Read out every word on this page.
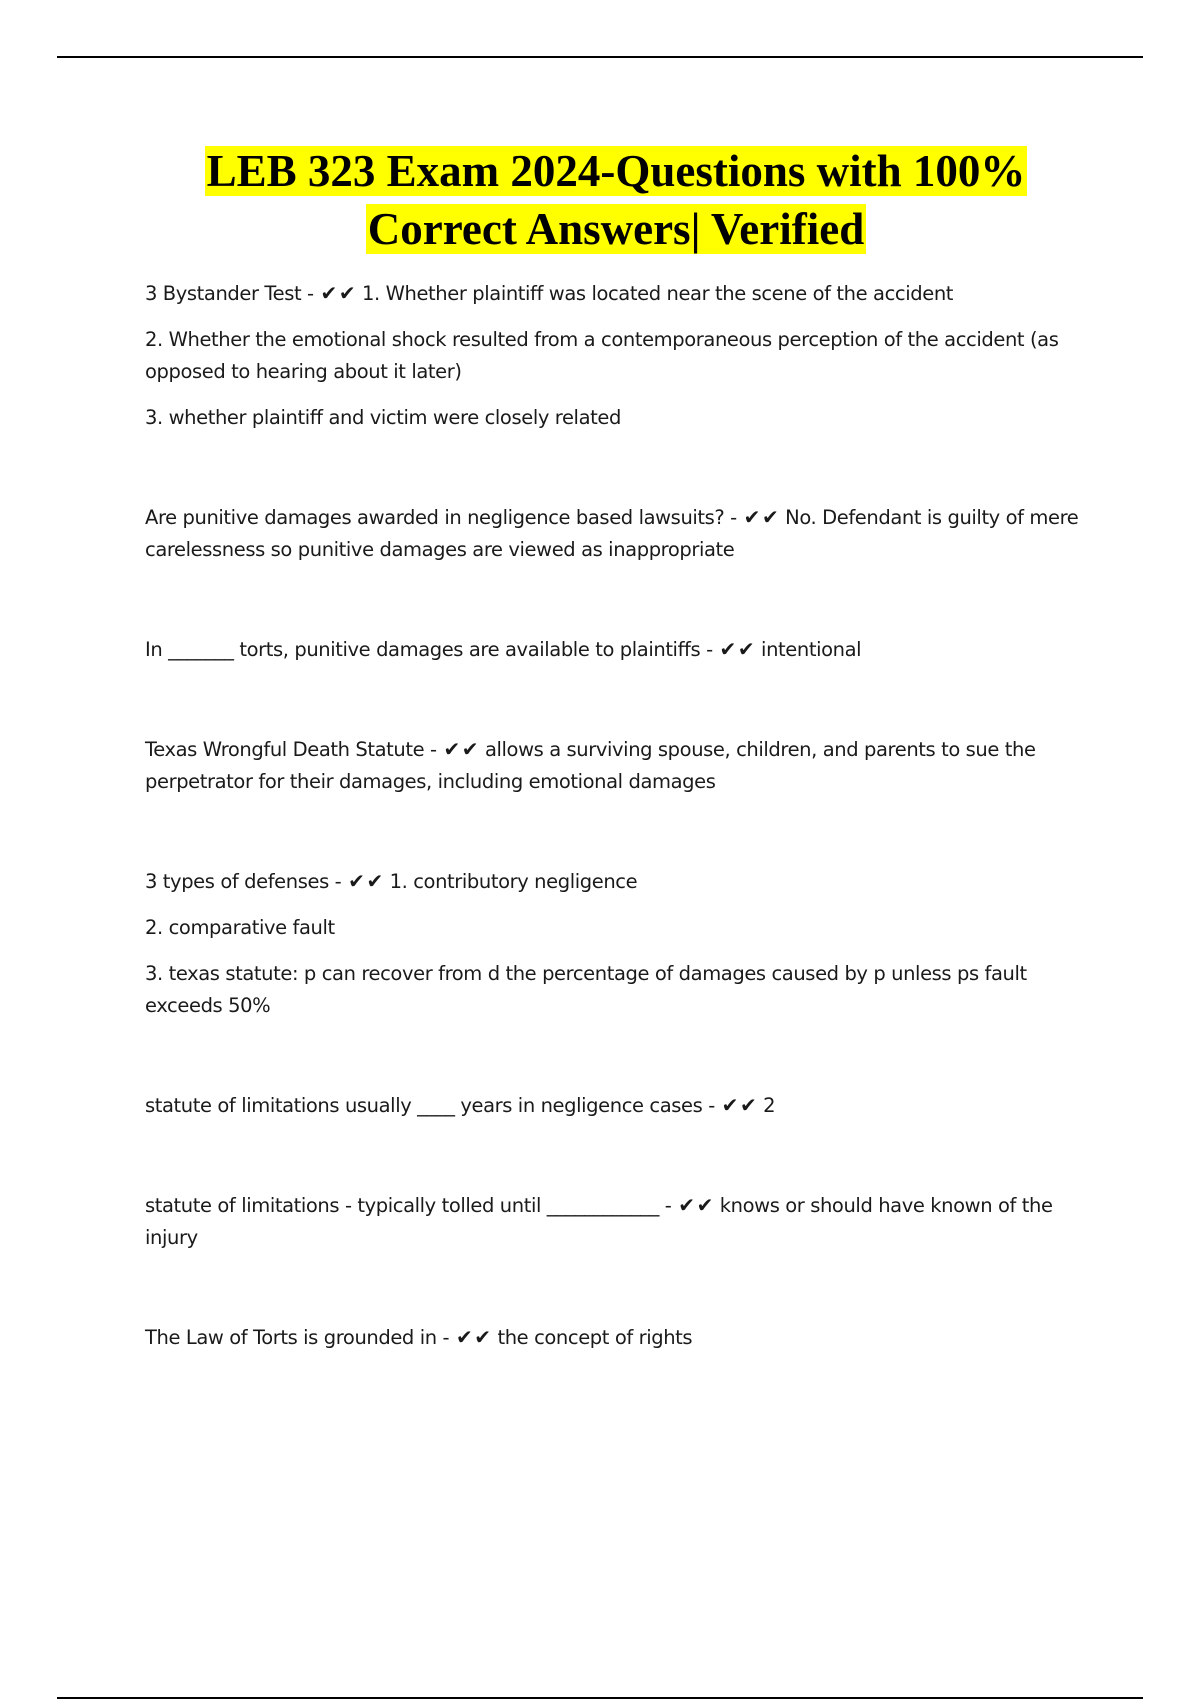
LEB 323 Exam 2024-Questions with 100%
Correct Answers| Verified

3 Bystander Test - ✔ ✔ 1. Whether plaintiff was located near the scene of the accident

2. Whether the emotional shock resulted from a contemporaneous perception of the accident (as opposed to hearing about it later)

3. whether plaintiff and victim were closely related

Are punitive damages awarded in negligence based lawsuits? - ✔ ✔ No. Defendant is guilty of mere carelessness so punitive damages are viewed as inappropriate

In _______ torts, punitive damages are available to plaintiffs - ✔ ✔ intentional

Texas Wrongful Death Statute - ✔ ✔ allows a surviving spouse, children, and parents to sue the perpetrator for their damages, including emotional damages

3 types of defenses - ✔ ✔ 1. contributory negligence

2. comparative fault

3. texas statute: p can recover from d the percentage of damages caused by p unless ps fault exceeds 50%

statute of limitations usually ____ years in negligence cases - ✔ ✔ 2

statute of limitations - typically tolled until ____________ - ✔ ✔ knows or should have known of the injury

The Law of Torts is grounded in - ✔ ✔ the concept of rights
